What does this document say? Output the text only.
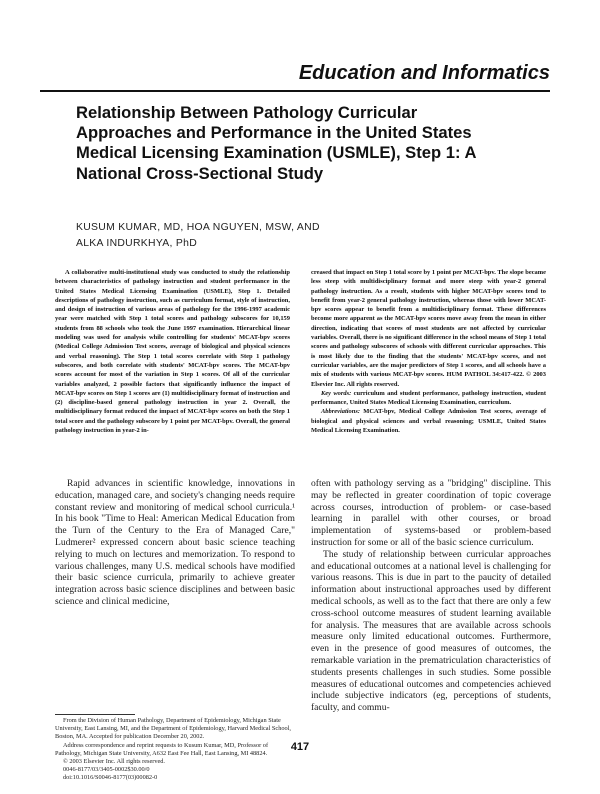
Education and Informatics
Relationship Between Pathology Curricular Approaches and Performance in the United States Medical Licensing Examination (USMLE), Step 1: A National Cross-Sectional Study
KUSUM KUMAR, MD, HOA NGUYEN, MSW, AND
ALKA INDURKHYA, PhD

A collaborative multi-institutional study was conducted to study the relationship between characteristics of pathology instruction and student performance in the United States Medical Licensing Examination (USMLE), Step 1. Detailed descriptions of pathology instruction, such as curriculum format, style of instruction, and design of instruction of various areas of pathology for the 1996-1997 academic year were matched with Step 1 total scores and pathology subscores for 10,159 students from 88 schools who took the June 1997 examination. Hierarchical linear modeling was used for analysis while controlling for students' MCAT-bpv scores (Medical College Admission Test scores, average of biological and physical sciences and verbal reasoning). The Step 1 total scores correlate with Step 1 pathology subscores, and both correlate with students' MCAT-bpv scores. The MCAT-bpv scores account for most of the variation in Step 1 scores. Of all of the curricular variables analyzed, 2 possible factors that significantly influence the impact of MCAT-bpv scores on Step 1 scores are (1) multidisciplinary format of instruction and (2) discipline-based general pathology instruction in year 2. Overall, the multidisciplinary format reduced the impact of MCAT-bpv scores on both the Step 1 total score and the pathology subscore by 1 point per MCAT-bpv. Overall, the general pathology instruction in year-2 in-

creased that impact on Step 1 total score by 1 point per MCAT-bpv. The slope became less steep with multidisciplinary format and more steep with year-2 general pathology instruction. As a result, students with higher MCAT-bpv scores tend to benefit from year-2 general pathology instruction, whereas those with lower MCAT-bpv scores appear to benefit from a multidisciplinary format. These differences become more apparent as the MCAT-bpv scores move away from the mean in either direction, indicating that scores of most students are not affected by curricular variables. Overall, there is no significant difference in the school means of Step 1 total scores and pathology subscores of schools with different curricular approaches. This is most likely due to the finding that the students' MCAT-bpv scores, and not curricular variables, are the major predictors of Step 1 scores, and all schools have a mix of students with various MCAT-bpv scores. HUM PATHOL 34:417-422. © 2003 Elsevier Inc. All rights reserved.

Key words: curriculum and student performance, pathology instruction, student performance, United States Medical Licensing Examination, curriculum.

Abbreviations: MCAT-bpv, Medical College Admission Test scores, average of biological and physical sciences and verbal reasoning; USMLE, United States Medical Licensing Examination.

Rapid advances in scientific knowledge, innovations in education, managed care, and society's changing needs require constant review and monitoring of medical school curricula.¹ In his book "Time to Heal: American Medical Education from the Turn of the Century to the Era of Managed Care," Ludmerer² expressed concern about basic science teaching relying to much on lectures and memorization. To respond to various challenges, many U.S. medical schools have modified their basic science curricula, primarily to achieve greater integration across basic science disciplines and between basic science and clinical medicine,

often with pathology serving as a "bridging" discipline. This may be reflected in greater coordination of topic coverage across courses, introduction of problem- or case-based learning in parallel with other courses, or broad implementation of systems-based or problem-based instruction for some or all of the basic science curriculum.

The study of relationship between curricular approaches and educational outcomes at a national level is challenging for various reasons. This is due in part to the paucity of detailed information about instructional approaches used by different medical schools, as well as to the fact that there are only a few cross-school outcome measures of student learning available for analysis. The measures that are available across schools measure only limited educational outcomes. Furthermore, even in the presence of good measures of outcomes, the remarkable variation in the prematriculation characteristics of students presents challenges in such studies. Some possible measures of educational outcomes and competencies achieved include subjective indicators (eg, perceptions of students, faculty, and commu-

From the Division of Human Pathology, Department of Epidemiology, Michigan State University, East Lansing, MI, and the Department of Epidemiology, Harvard Medical School, Boston, MA. Accepted for publication December 20, 2002.

Address correspondence and reprint requests to Kusum Kumar, MD, Professor of Pathology, Michigan State University, A632 East Fee Hall, East Lansing, MI 48824.

© 2003 Elsevier Inc. All rights reserved.

0046-8177/03/3405-0002$30.00/0

doi:10.1016/S0046-8177(03)00082-0

417
